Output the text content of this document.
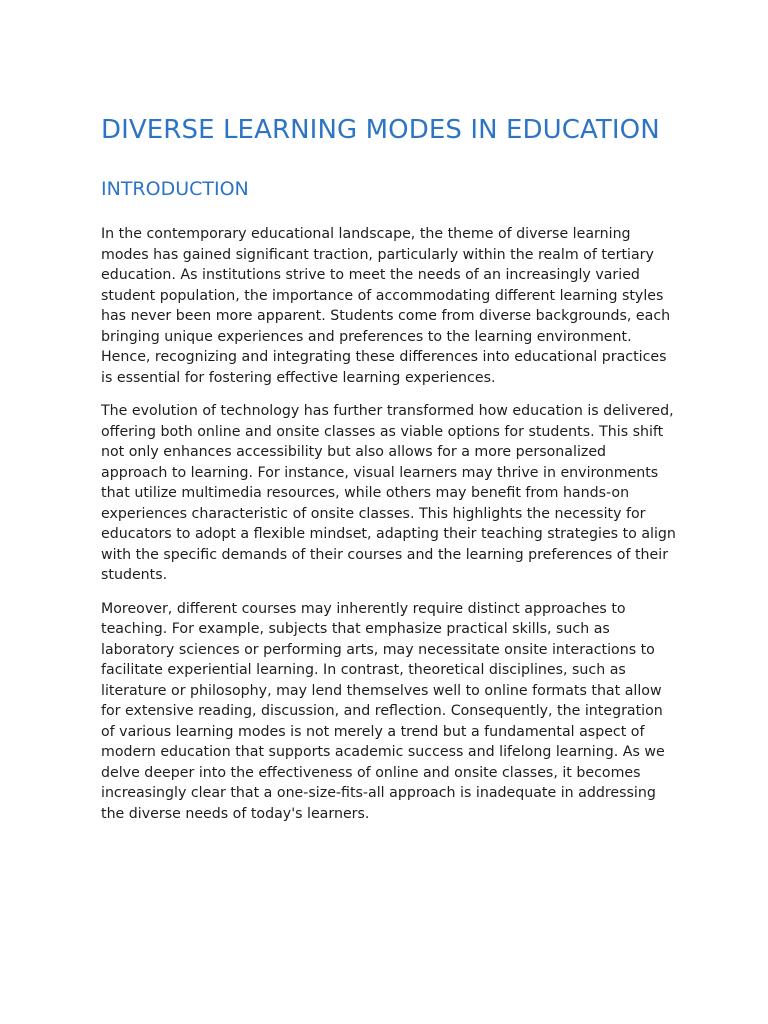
DIVERSE LEARNING MODES IN EDUCATION
INTRODUCTION

In the contemporary educational landscape, the theme of diverse learning modes has gained significant traction, particularly within the realm of tertiary education. As institutions strive to meet the needs of an increasingly varied student population, the importance of accommodating different learning styles has never been more apparent. Students come from diverse backgrounds, each bringing unique experiences and preferences to the learning environment. Hence, recognizing and integrating these differences into educational practices is essential for fostering effective learning experiences.

The evolution of technology has further transformed how education is delivered, offering both online and onsite classes as viable options for students. This shift not only enhances accessibility but also allows for a more personalized approach to learning. For instance, visual learners may thrive in environments that utilize multimedia resources, while others may benefit from hands-on experiences characteristic of onsite classes. This highlights the necessity for educators to adopt a flexible mindset, adapting their teaching strategies to align with the specific demands of their courses and the learning preferences of their students.

Moreover, different courses may inherently require distinct approaches to teaching. For example, subjects that emphasize practical skills, such as laboratory sciences or performing arts, may necessitate onsite interactions to facilitate experiential learning. In contrast, theoretical disciplines, such as literature or philosophy, may lend themselves well to online formats that allow for extensive reading, discussion, and reflection. Consequently, the integration of various learning modes is not merely a trend but a fundamental aspect of modern education that supports academic success and lifelong learning. As we delve deeper into the effectiveness of online and onsite classes, it becomes increasingly clear that a one-size-fits-all approach is inadequate in addressing the diverse needs of today's learners.
